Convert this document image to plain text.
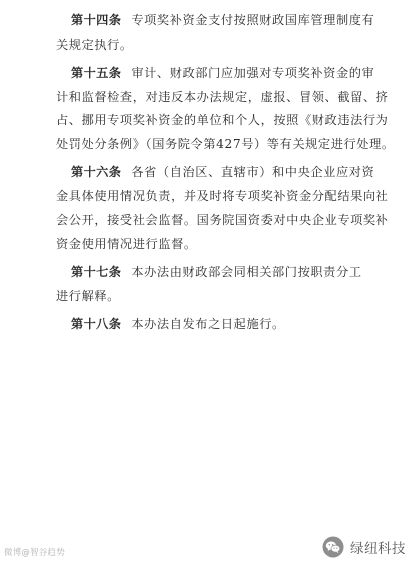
第十四条 专项奖补资金支付按照财政国库管理制度有
关规定执行。
第十五条 审计、财政部门应加强对专项奖补资金的审
计和监督检查，对违反本办法规定，虚报、冒领、截留、挤
占、挪用专项奖补资金的单位和个人，按照《财政违法行为
处罚处分条例》（国务院令第427号）等有关规定进行处理。
第十六条 各省（自治区、直辖市）和中央企业应对资
金具体使用情况负责，并及时将专项奖补资金分配结果向社
会公开，接受社会监督。国务院国资委对中央企业专项奖补
资金使用情况进行监督。
第十七条 本办法由财政部会同相关部门按职责分工
进行解释。
第十八条 本办法自发布之日起施行。
微博@智谷趋势	绿纽科技
